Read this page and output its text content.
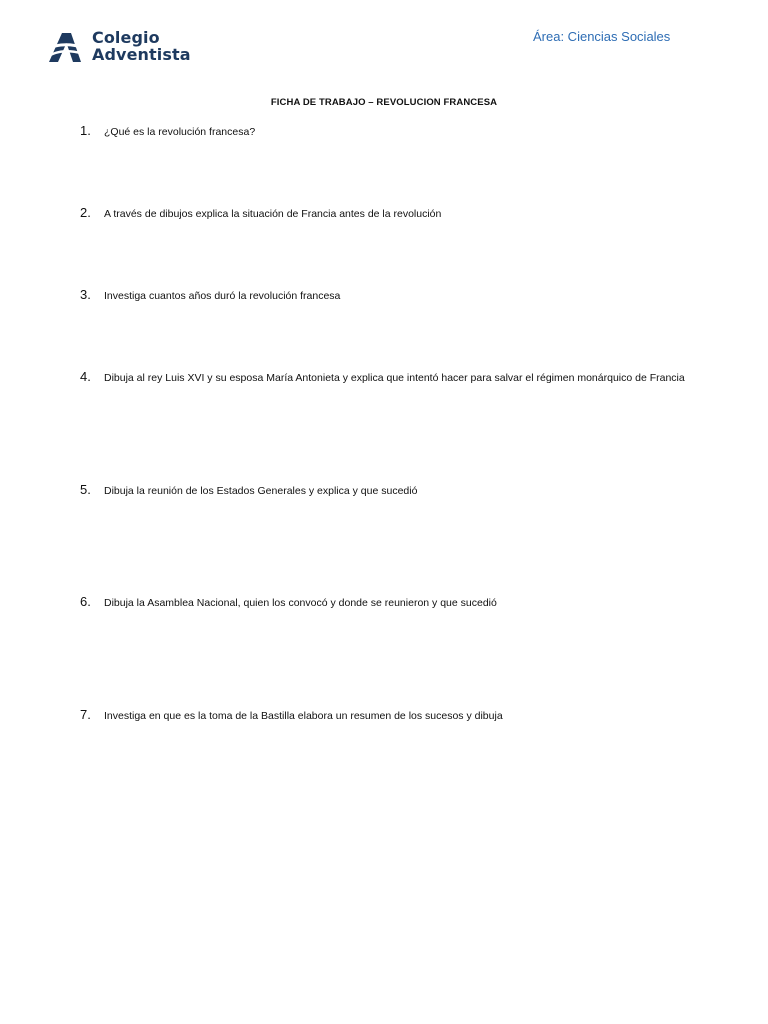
Colegio
Adventista
Área: Ciencias Sociales
FICHA DE TRABAJO – REVOLUCION FRANCESA
1. ¿Qué es la revolución francesa?
2. A través de dibujos explica la situación de Francia antes de la revolución
3. Investiga cuantos años duró la revolución francesa
4. Dibuja al rey Luis XVI y su esposa María Antonieta y explica que intentó hacer para salvar el régimen monárquico de Francia
5. Dibuja la reunión de los Estados Generales y explica y que sucedió
6. Dibuja la Asamblea Nacional, quien los convocó y donde se reunieron y que sucedió
7. Investiga en que es la toma de la Bastilla elabora un resumen de los sucesos y dibuja
